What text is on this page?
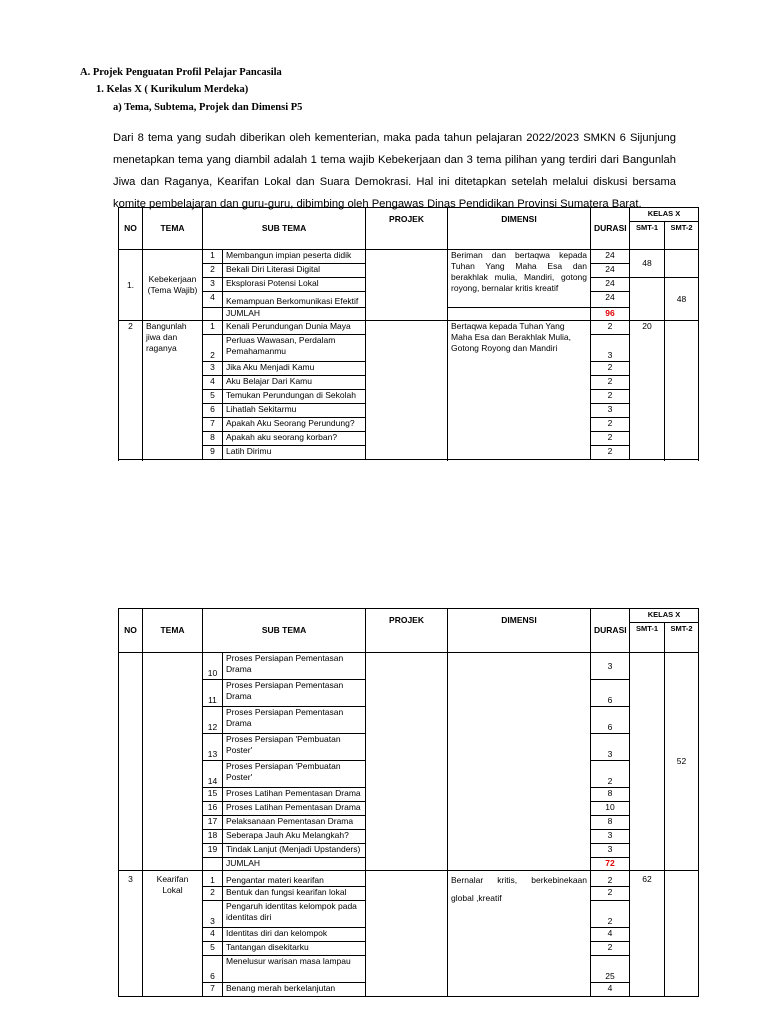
A. Projek Penguatan Profil Pelajar Pancasila
1. Kelas X ( Kurikulum Merdeka)
a) Tema, Subtema, Projek dan Dimensi P5
Dari 8 tema yang sudah diberikan oleh kementerian, maka pada tahun pelajaran 2022/2023 SMKN 6 Sijunjung menetapkan tema yang diambil adalah 1 tema wajib Kebekerjaan dan 3 tema pilihan yang terdiri dari Bangunlah Jiwa dan Raganya, Kearifan Lokal dan Suara Demokrasi. Hal ini ditetapkan setelah melalui diskusi bersama komite pembelajaran dan guru-guru, dibimbing oleh Pengawas Dinas Pendidikan Provinsi Sumatera Barat.
NO	TEMA	SUB TEMA		PROJEK	DIMENSI	DURASI	KELAS X	
							SMT-1	SMT-2

1.	Kebekerjaan (Tema Wajib)	1	Membangun impian peserta didik		Beriman dan bertaqwa kepada Tuhan Yang Maha Esa dan berakhlak mulia, Mandiri, gotong royong, bernalar kritis kreatif	24	48	
		2	Bekali Diri Literasi Digital			24		
		3	Eksplorasi Potensi Lokal			24		48
		4	Kemampuan Berkomunikasi Efektif			24		
			JUMLAH			96		
2	Bangunlah jiwa dan raganya	1	Kenali Perundungan Dunia Maya		Bertaqwa kepada Tuhan Yang Maha Esa dan Berakhlak Mulia, Gotong Royong dan Mandiri	2	20	
		2	Perluas Wawasan, Perdalam Pemahamanmu			3		
		3	Jika Aku Menjadi Kamu			2		
		4	Aku Belajar Dari Kamu			2		
		5	Temukan Perundungan di Sekolah			2		
		6	Lihatlah Sekitarmu			3		
		7	Apakah Aku Seorang Perundung?			2		
		8	Apakah aku seorang korban?			2		
		9	Latih Dirimu			2		

NO	TEMA	SUB TEMA		PROJEK	DIMENSI	DURASI	KELAS X	
							SMT-1	SMT-2

		10	Proses Persiapan Pementasan Drama			3		52
		11	Proses Persiapan Pementasan Drama			6		
		12	Proses Persiapan Pementasan Drama			6		
		13	Proses Persiapan 'Pembuatan Poster'			3		
		14	Proses Persiapan 'Pembuatan Poster'			2		
		15	Proses Latihan Pementasan Drama			8		
		16	Proses Latihan Pementasan Drama			10		
		17	Pelaksanaan Pementasan Drama			8		
		18	Seberapa Jauh Aku Melangkah?			3		
		19	Tindak Lanjut (Menjadi Upstanders)			3		
			JUMLAH			72		
3	Kearifan Lokal	1	Pengantar materi kearifan		Bernalar kritis, berkebinekaan global ,kreatif	2	62	
		2	Bentuk dan fungsi kearifan lokal			2		
		3	Pengaruh identitas kelompok pada identitas diri			2		
		4	Identitas diri dan kelompok			4		
		5	Tantangan disekitarku			2		
		6	Menelusur warisan masa lampau			25		
		7	Benang merah berkelanjutan			4		
